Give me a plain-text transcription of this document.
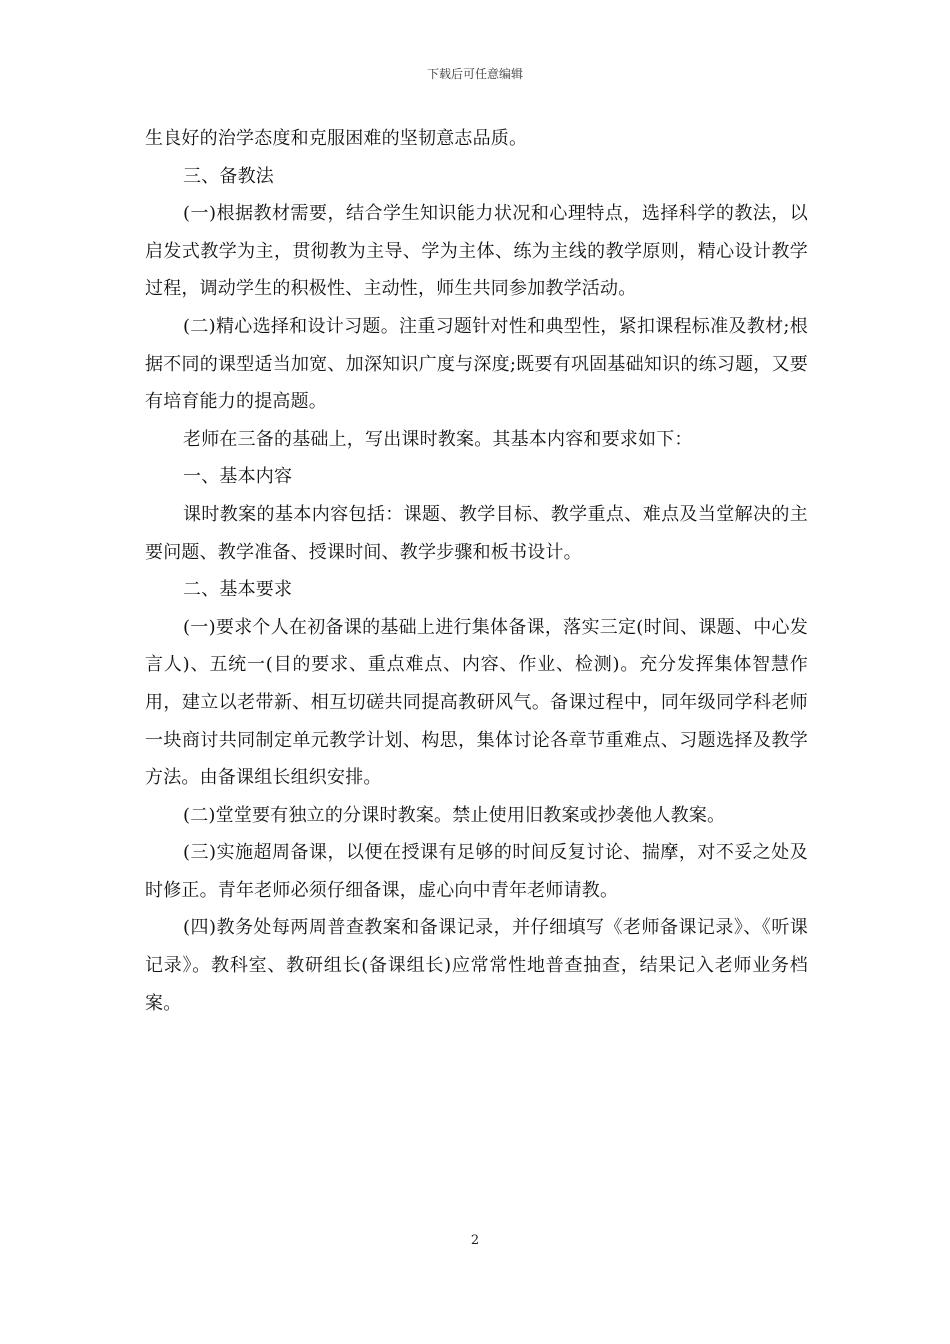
下载后可任意编辑

生良好的治学态度和克服困难的坚韧意志品质。

三、备教法

(一)根据教材需要，结合学生知识能力状况和心理特点，选择科学的教法，以启发式教学为主，贯彻教为主导、学为主体、练为主线的教学原则，精心设计教学过程，调动学生的积极性、主动性，师生共同参加教学活动。

(二)精心选择和设计习题。注重习题针对性和典型性，紧扣课程标准及教材;根据不同的课型适当加宽、加深知识广度与深度;既要有巩固基础知识的练习题，又要有培育能力的提高题。

老师在三备的基础上，写出课时教案。其基本内容和要求如下：

一、基本内容

课时教案的基本内容包括：课题、教学目标、教学重点、难点及当堂解决的主要问题、教学准备、授课时间、教学步骤和板书设计。

二、基本要求

(一)要求个人在初备课的基础上进行集体备课，落实三定(时间、课题、中心发言人)、五统一(目的要求、重点难点、内容、作业、检测)。充分发挥集体智慧作用，建立以老带新、相互切磋共同提高教研风气。备课过程中，同年级同学科老师一块商讨共同制定单元教学计划、构思，集体讨论各章节重难点、习题选择及教学方法。由备课组长组织安排。

(二)堂堂要有独立的分课时教案。禁止使用旧教案或抄袭他人教案。

(三)实施超周备课，以便在授课有足够的时间反复讨论、揣摩，对不妥之处及时修正。青年老师必须仔细备课，虚心向中青年老师请教。

(四)教务处每两周普查教案和备课记录，并仔细填写《老师备课记录》、《听课记录》。教科室、教研组长(备课组长)应常常性地普查抽查，结果记入老师业务档案。

2
